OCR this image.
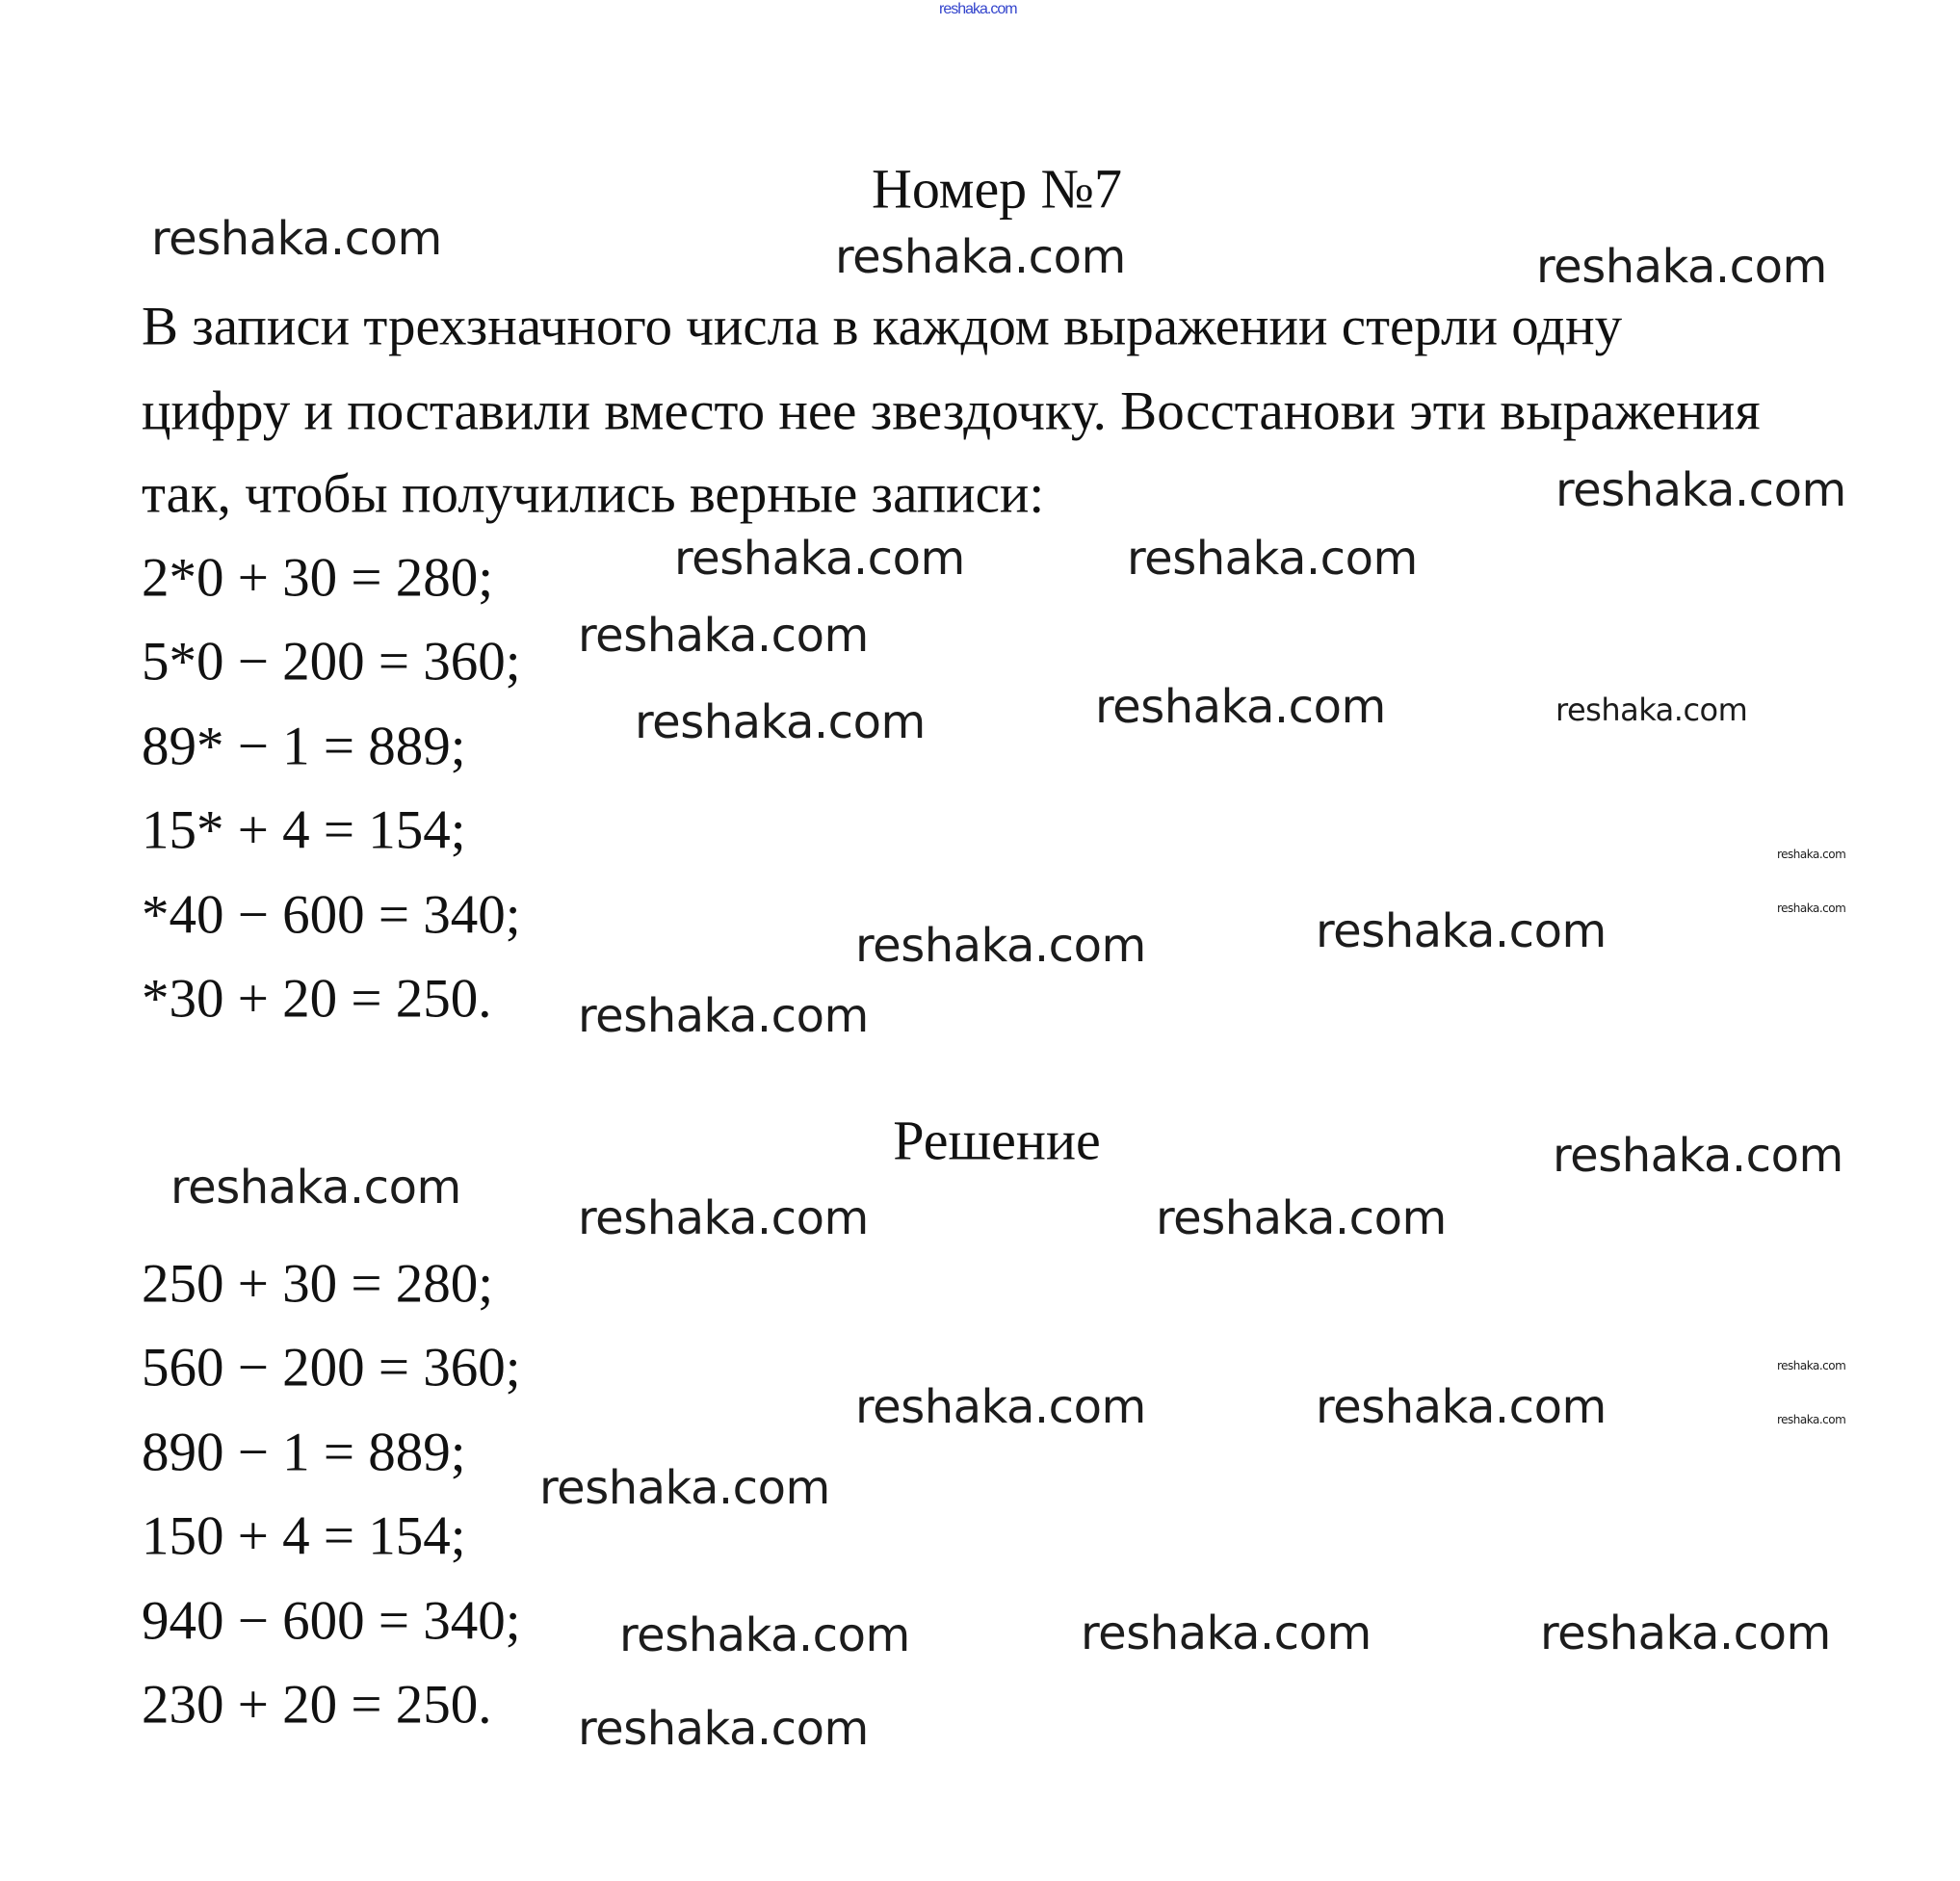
reshaka.com
Номер №7
В записи трехзначного числа в каждом выражении стерли одну
цифру и поставили вместо нее звездочку. Восстанови эти выражения
так, чтобы получились верные записи:
2*0 + 30 = 280;
5*0 − 200 = 360;
89* − 1 = 889;
15* + 4 = 154;
*40 − 600 = 340;
*30 + 20 = 250.
Решение
250 + 30 = 280;
560 − 200 = 360;
890 − 1 = 889;
150 + 4 = 154;
940 − 600 = 340;
230 + 20 = 250.
reshaka.com	reshaka.com	reshaka.com
reshaka.com	reshaka.com
reshaka.com
reshaka.com
reshaka.com	reshaka.com	reshaka.com
reshaka.com
reshaka.com
reshaka.com
reshaka.com	reshaka.com
reshaka.com
reshaka.com	reshaka.com
reshaka.com
reshaka.com
reshaka.com
reshaka.com
reshaka.com	reshaka.com
reshaka.com
reshaka.com	reshaka.com	reshaka.com
